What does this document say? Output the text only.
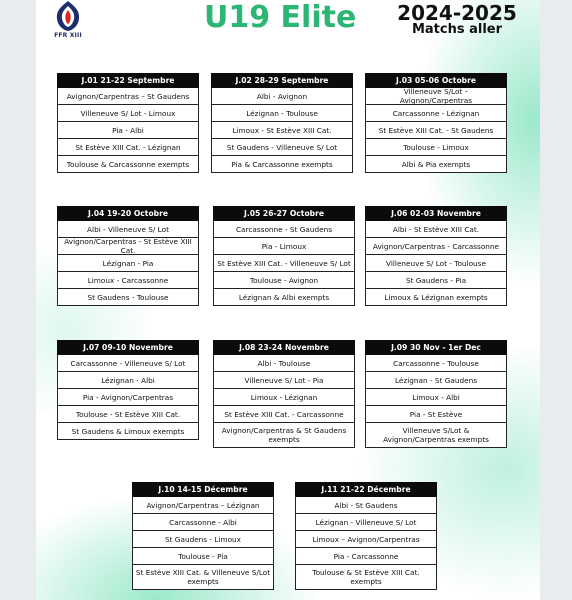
FFR XIII
U19 Elite 2024-2025
Matchs aller
J.01 21-22 Septembre
Avignon/Carpentras – St Gaudens
Villeneuve S/ Lot - Limoux
Pia - Albi
St Estève XIII Cat. - Lézignan
Toulouse & Carcassonne exempts
J.02 28-29 Septembre
Albi - Avignon
Lézignan - Toulouse
Limoux - St Estève XIII Cat.
St Gaudens - Villeneuve S/ Lot
Pia & Carcassonne exempts
J.03 05-06 Octobre
Villeneuve S/Lot – Avignon/Carpentras
Carcassonne - Lézignan
St Estève XIII Cat. - St Gaudens
Toulouse - Limoux
Albi & Pia exempts
J.04 19-20 Octobre
Albi - Villeneuve S/ Lot
Avignon/Carpentras - St Estève XIII Cat.
Lézignan - Pia
Limoux - Carcassonne
St Gaudens - Toulouse
J.05 26-27 Octobre
Carcassonne - St Gaudens
Pia - Limoux
St Estève XIII Cat. - Villeneuve S/ Lot
Toulouse - Avignon
Lézignan & Albi exempts
J.06 02-03 Novembre
Albi - St Estève XIII Cat.
Avignon/Carpentras - Carcassonne
Villeneuve S/ Lot - Toulouse
St Gaudens - Pia
Limoux & Lézignan exempts
J.07 09-10 Novembre
Carcassonne - Villeneuve S/ Lot
Lézignan - Albi
Pia - Avignon/Carpentras
Toulouse - St Estève XIII Cat.
St Gaudens & Limoux exempts
J.08 23-24 Novembre
Albi - Toulouse
Villeneuve S/ Lot - Pia
Limoux - Lézignan
St Estève XIII Cat. - Carcassonne
Avignon/Carpentras & St Gaudens exempts
J.09 30 Nov - 1er Dec
Carcassonne - Toulouse
Lézignan - St Gaudens
Limoux - Albi
Pia - St Estève
Villeneuve S/Lot & Avignon/Carpentras exempts
J.10 14-15 Décembre
Avignon/Carpentras – Lézignan
Carcassonne - Albi
St Gaudens - Limoux
Toulouse - Pia
St Estève XIII Cat. & Villeneuve S/Lot exempts
J.11 21-22 Décembre
Albi - St Gaudens
Lézignan - Villeneuve S/ Lot
Limoux – Avignon/Carpentras
Pia - Carcassonne
Toulouse & St Estève XIII Cat. exempts
